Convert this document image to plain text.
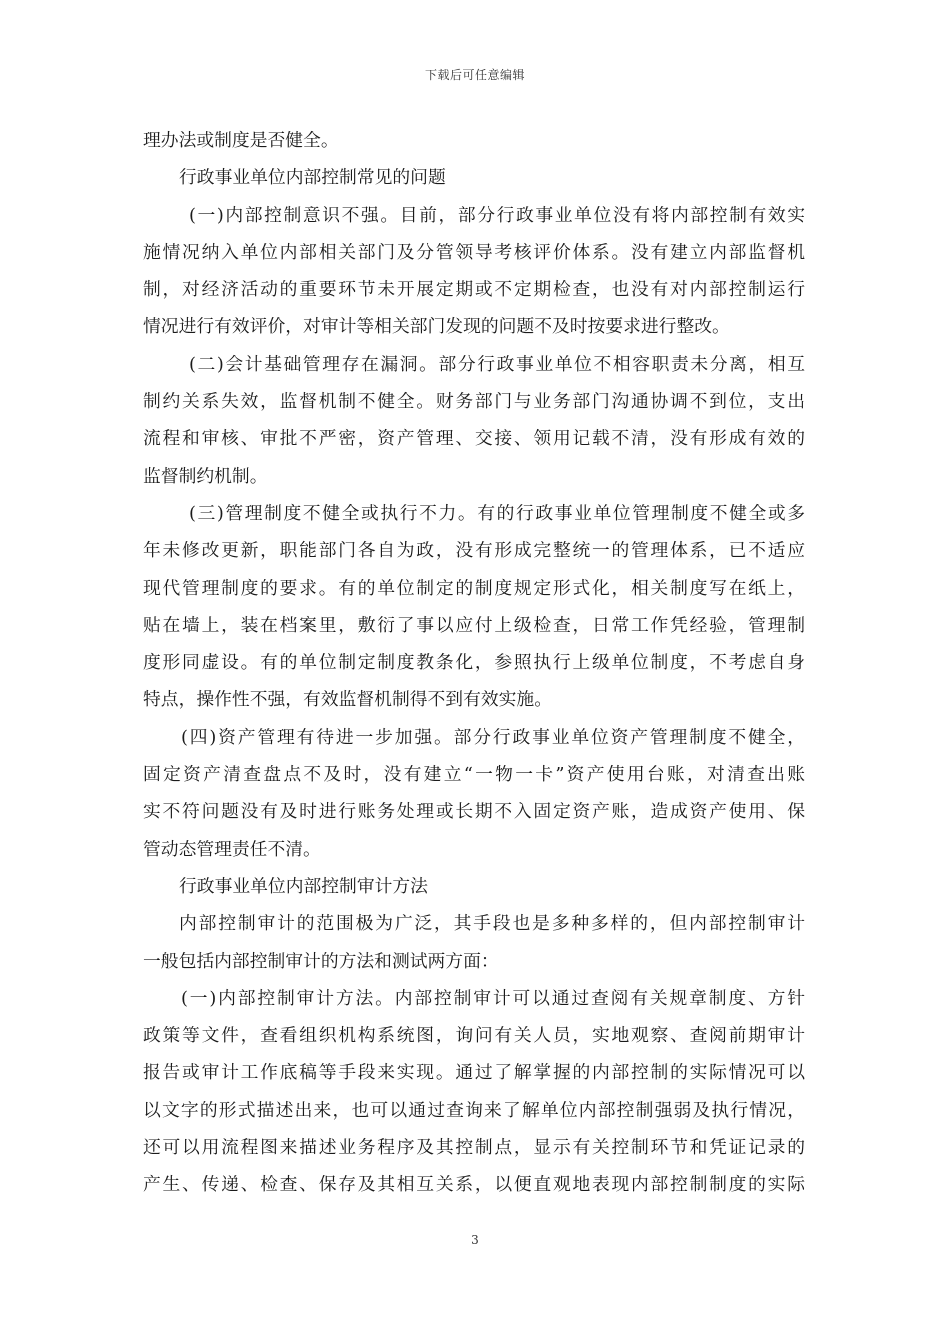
下载后可任意编辑
理办法或制度是否健全。
行政事业单位内部控制常见的问题
(一)内部控制意识不强。目前，部分行政事业单位没有将内部控制有效实
施情况纳入单位内部相关部门及分管领导考核评价体系。没有建立内部监督机
制，对经济活动的重要环节未开展定期或不定期检查，也没有对内部控制运行
情况进行有效评价，对审计等相关部门发现的问题不及时按要求进行整改。
(二)会计基础管理存在漏洞。部分行政事业单位不相容职责未分离，相互
制约关系失效，监督机制不健全。财务部门与业务部门沟通协调不到位，支出
流程和审核、审批不严密，资产管理、交接、领用记载不清，没有形成有效的
监督制约机制。
(三)管理制度不健全或执行不力。有的行政事业单位管理制度不健全或多
年未修改更新，职能部门各自为政，没有形成完整统一的管理体系，已不适应
现代管理制度的要求。有的单位制定的制度规定形式化，相关制度写在纸上，
贴在墙上，装在档案里，敷衍了事以应付上级检查，日常工作凭经验，管理制
度形同虚设。有的单位制定制度教条化，参照执行上级单位制度，不考虑自身
特点，操作性不强，有效监督机制得不到有效实施。
(四)资产管理有待进一步加强。部分行政事业单位资产管理制度不健全，
固定资产清查盘点不及时，没有建立“一物一卡”资产使用台账，对清查出账
实不符问题没有及时进行账务处理或长期不入固定资产账，造成资产使用、保
管动态管理责任不清。
行政事业单位内部控制审计方法
内部控制审计的范围极为广泛，其手段也是多种多样的，但内部控制审计
一般包括内部控制审计的方法和测试两方面：
(一)内部控制审计方法。内部控制审计可以通过查阅有关规章制度、方针
政策等文件，查看组织机构系统图，询问有关人员，实地观察、查阅前期审计
报告或审计工作底稿等手段来实现。通过了解掌握的内部控制的实际情况可以
以文字的形式描述出来，也可以通过查询来了解单位内部控制强弱及执行情况，
还可以用流程图来描述业务程序及其控制点，显示有关控制环节和凭证记录的
产生、传递、检查、保存及其相互关系，以便直观地表现内部控制制度的实际
3
